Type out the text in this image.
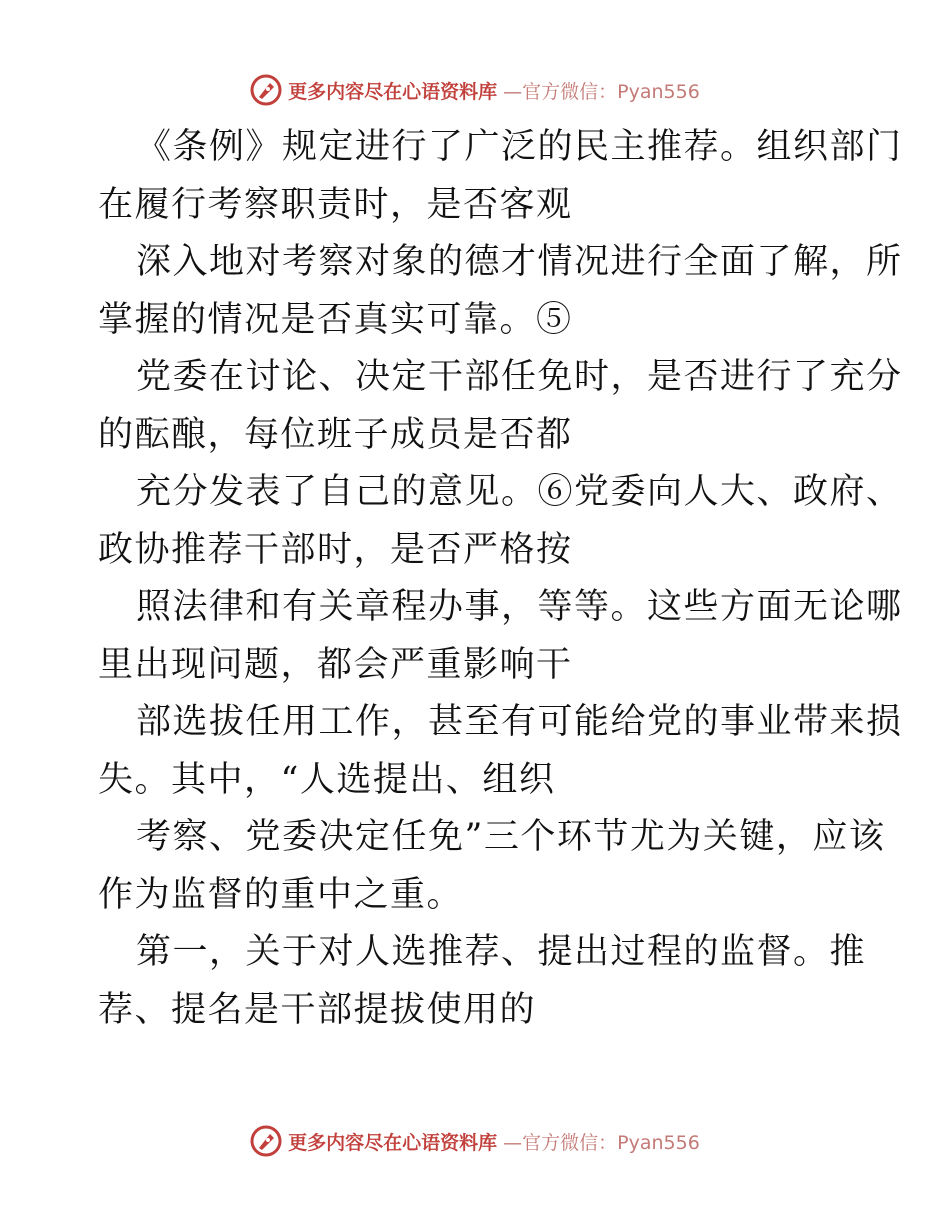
更多内容尽在心语资料库 —官方微信：Pyan556
《条例》规定进行了广泛的民主推荐。组织部门
在履行考察职责时，是否客观
深入地对考察对象的德才情况进行全面了解，所
掌握的情况是否真实可靠。⑤
党委在讨论、决定干部任免时，是否进行了充分
的酝酿，每位班子成员是否都
充分发表了自己的意见。⑥党委向人大、政府、
政协推荐干部时，是否严格按
照法律和有关章程办事，等等。这些方面无论哪
里出现问题，都会严重影响干
部选拔任用工作，甚至有可能给党的事业带来损
失。其中，“人选提出、组织
考察、党委决定任免”三个环节尤为关键，应该
作为监督的重中之重。
第一，关于对人选推荐、提出过程的监督。推
荐、提名是干部提拔使用的
更多内容尽在心语资料库 —官方微信：Pyan556
